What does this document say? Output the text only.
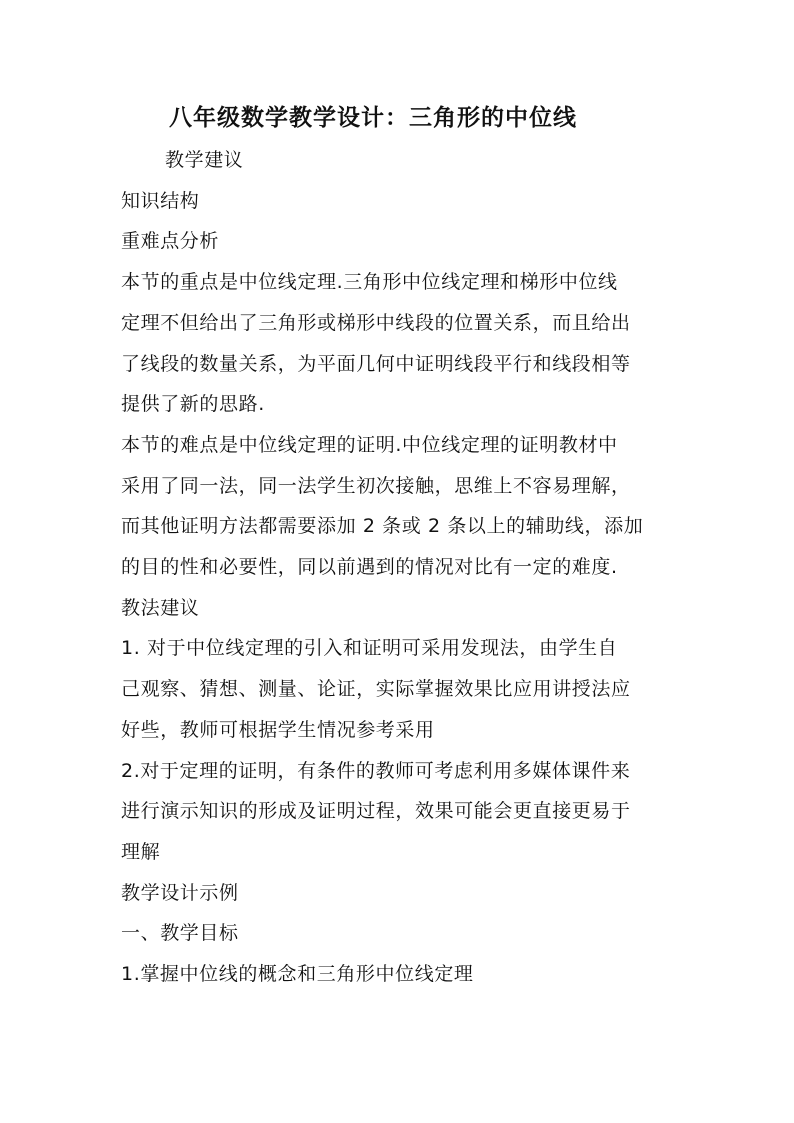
八年级数学教学设计：三角形的中位线

教学建议

知识结构

重难点分析

本节的重点是中位线定理.三角形中位线定理和梯形中位线

定理不但给出了三角形或梯形中线段的位置关系，而且给出

了线段的数量关系，为平面几何中证明线段平行和线段相等

提供了新的思路.

本节的难点是中位线定理的证明.中位线定理的证明教材中

采用了同一法，同一法学生初次接触，思维上不容易理解，

而其他证明方法都需要添加 2 条或 2 条以上的辅助线，添加

的目的性和必要性，同以前遇到的情况对比有一定的难度.

教法建议

1. 对于中位线定理的引入和证明可采用发现法，由学生自

己观察、猜想、测量、论证，实际掌握效果比应用讲授法应

好些，教师可根据学生情况参考采用

2.对于定理的证明，有条件的教师可考虑利用多媒体课件来

进行演示知识的形成及证明过程，效果可能会更直接更易于

理解

教学设计示例

一、教学目标

1.掌握中位线的概念和三角形中位线定理
